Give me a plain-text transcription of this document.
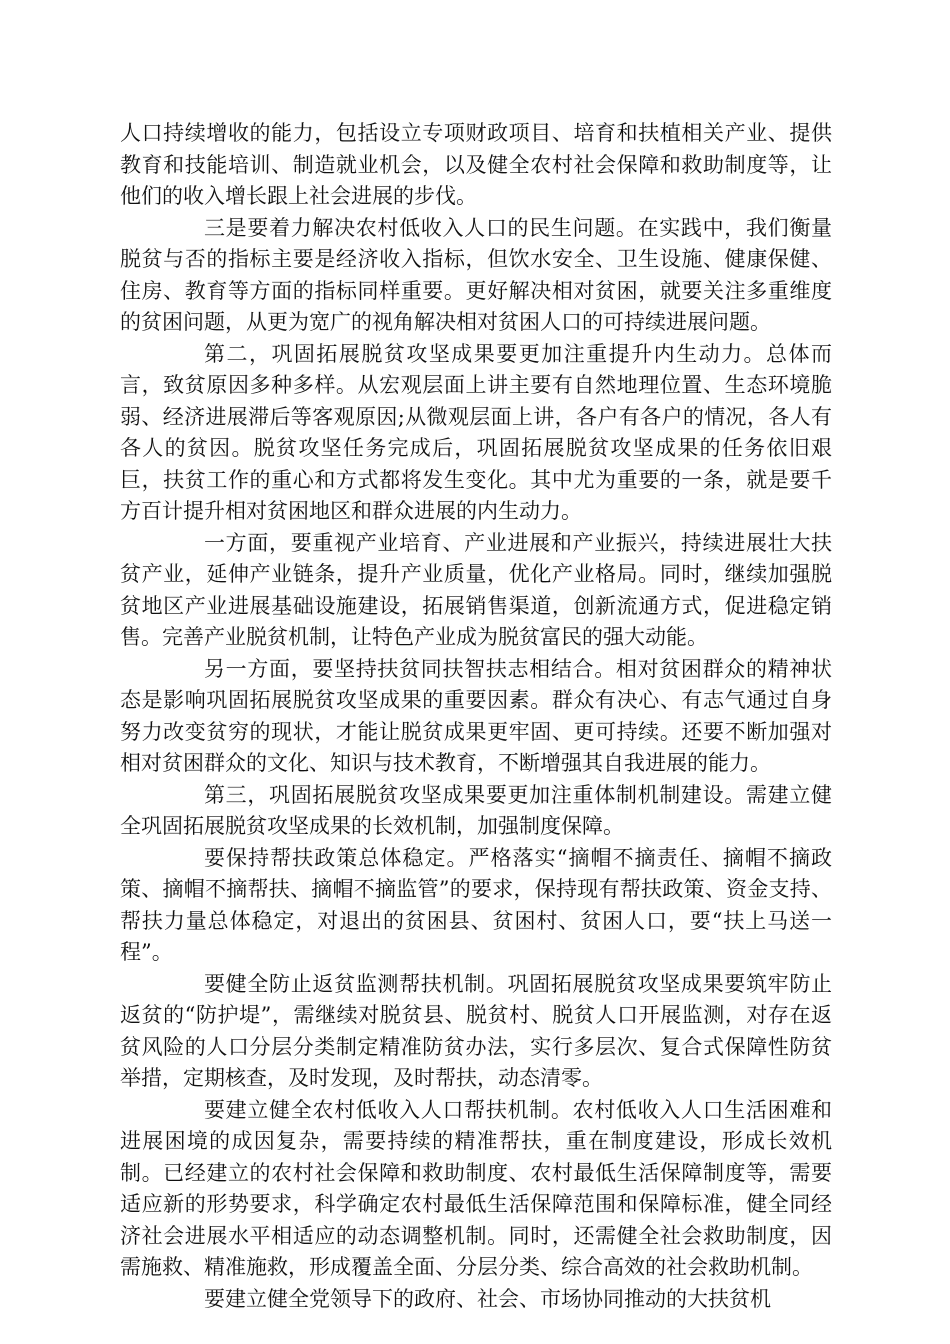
人口持续增收的能力，包括设立专项财政项目、培育和扶植相关产业、提供教育和技能培训、制造就业机会，以及健全农村社会保障和救助制度等，让他们的收入增长跟上社会进展的步伐。

三是要着力解决农村低收入人口的民生问题。在实践中，我们衡量脱贫与否的指标主要是经济收入指标，但饮水安全、卫生设施、健康保健、住房、教育等方面的指标同样重要。更好解决相对贫困，就要关注多重维度的贫困问题，从更为宽广的视角解决相对贫困人口的可持续进展问题。

第二，巩固拓展脱贫攻坚成果要更加注重提升内生动力。总体而言，致贫原因多种多样。从宏观层面上讲主要有自然地理位置、生态环境脆弱、经济进展滞后等客观原因;从微观层面上讲，各户有各户的情况，各人有各人的贫因。脱贫攻坚任务完成后，巩固拓展脱贫攻坚成果的任务依旧艰巨，扶贫工作的重心和方式都将发生变化。其中尤为重要的一条，就是要千方百计提升相对贫困地区和群众进展的内生动力。

一方面，要重视产业培育、产业进展和产业振兴，持续进展壮大扶贫产业，延伸产业链条，提升产业质量，优化产业格局。同时，继续加强脱贫地区产业进展基础设施建设，拓展销售渠道，创新流通方式，促进稳定销售。完善产业脱贫机制，让特色产业成为脱贫富民的强大动能。

另一方面，要坚持扶贫同扶智扶志相结合。相对贫困群众的精神状态是影响巩固拓展脱贫攻坚成果的重要因素。群众有决心、有志气通过自身努力改变贫穷的现状，才能让脱贫成果更牢固、更可持续。还要不断加强对相对贫困群众的文化、知识与技术教育，不断增强其自我进展的能力。

第三，巩固拓展脱贫攻坚成果要更加注重体制机制建设。需建立健全巩固拓展脱贫攻坚成果的长效机制，加强制度保障。

要保持帮扶政策总体稳定。严格落实“摘帽不摘责任、摘帽不摘政策、摘帽不摘帮扶、摘帽不摘监管”的要求，保持现有帮扶政策、资金支持、帮扶力量总体稳定，对退出的贫困县、贫困村、贫困人口，要“扶上马送一程”。

要健全防止返贫监测帮扶机制。巩固拓展脱贫攻坚成果要筑牢防止返贫的“防护堤”，需继续对脱贫县、脱贫村、脱贫人口开展监测，对存在返贫风险的人口分层分类制定精准防贫办法，实行多层次、复合式保障性防贫举措，定期核查，及时发现，及时帮扶，动态清零。

要建立健全农村低收入人口帮扶机制。农村低收入人口生活困难和进展困境的成因复杂，需要持续的精准帮扶，重在制度建设，形成长效机制。已经建立的农村社会保障和救助制度、农村最低生活保障制度等，需要适应新的形势要求，科学确定农村最低生活保障范围和保障标准，健全同经济社会进展水平相适应的动态调整机制。同时，还需健全社会救助制度，因需施救、精准施救，形成覆盖全面、分层分类、综合高效的社会救助机制。

要建立健全党领导下的政府、社会、市场协同推动的大扶贫机
